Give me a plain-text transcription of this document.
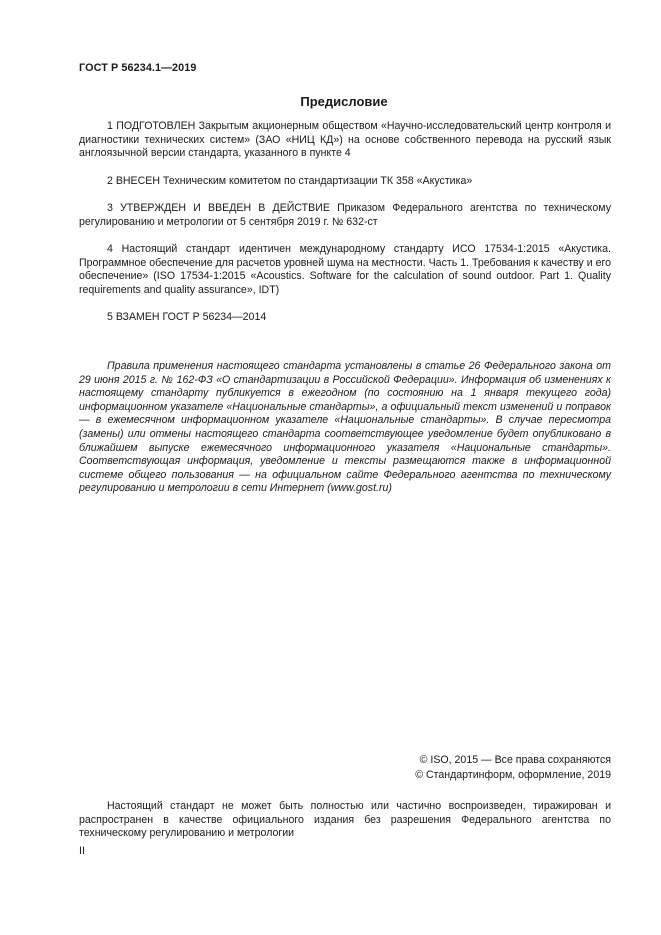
ГОСТ Р 56234.1—2019
Предисловие

1 ПОДГОТОВЛЕН Закрытым акционерным обществом «Научно-исследовательский центр контроля и диагностики технических систем» (ЗАО «НИЦ КД») на основе собственного перевода на русский язык англоязычной версии стандарта, указанного в пункте 4

2 ВНЕСЕН Техническим комитетом по стандартизации ТК 358 «Акустика»

3 УТВЕРЖДЕН И ВВЕДЕН В ДЕЙСТВИЕ Приказом Федерального агентства по техническому регулированию и метрологии от 5 сентября 2019 г. № 632-ст

4 Настоящий стандарт идентичен международному стандарту ИСО 17534-1:2015 «Акустика. Программное обеспечение для расчетов уровней шума на местности. Часть 1. Требования к качеству и его обеспечение» (ISO 17534-1:2015 «Acoustics. Software for the calculation of sound outdoor. Part 1. Quality requirements and quality assurance», IDT)

5 ВЗАМЕН ГОСТ Р 56234—2014

Правила применения настоящего стандарта установлены в статье 26 Федерального закона от 29 июня 2015 г. № 162-ФЗ «О стандартизации в Российской Федерации». Информация об изменениях к настоящему стандарту публикуется в ежегодном (по состоянию на 1 января текущего года) информационном указателе «Национальные стандарты», а официальный текст изменений и поправок — в ежемесячном информационном указателе «Национальные стандарты». В случае пересмотра (замены) или отмены настоящего стандарта соответствующее уведомление будет опубликовано в ближайшем выпуске ежемесячного информационного указателя «Национальные стандарты». Соответствующая информация, уведомление и тексты размещаются также в информационной системе общего пользования — на официальном сайте Федерального агентства по техническому регулированию и метрологии в сети Интернет (www.gost.ru)

© ISO, 2015 — Все права сохраняются
© Стандартинформ, оформление, 2019

Настоящий стандарт не может быть полностью или частично воспроизведен, тиражирован и распространен в качестве официального издания без разрешения Федерального агентства по техническому регулированию и метрологии

II
